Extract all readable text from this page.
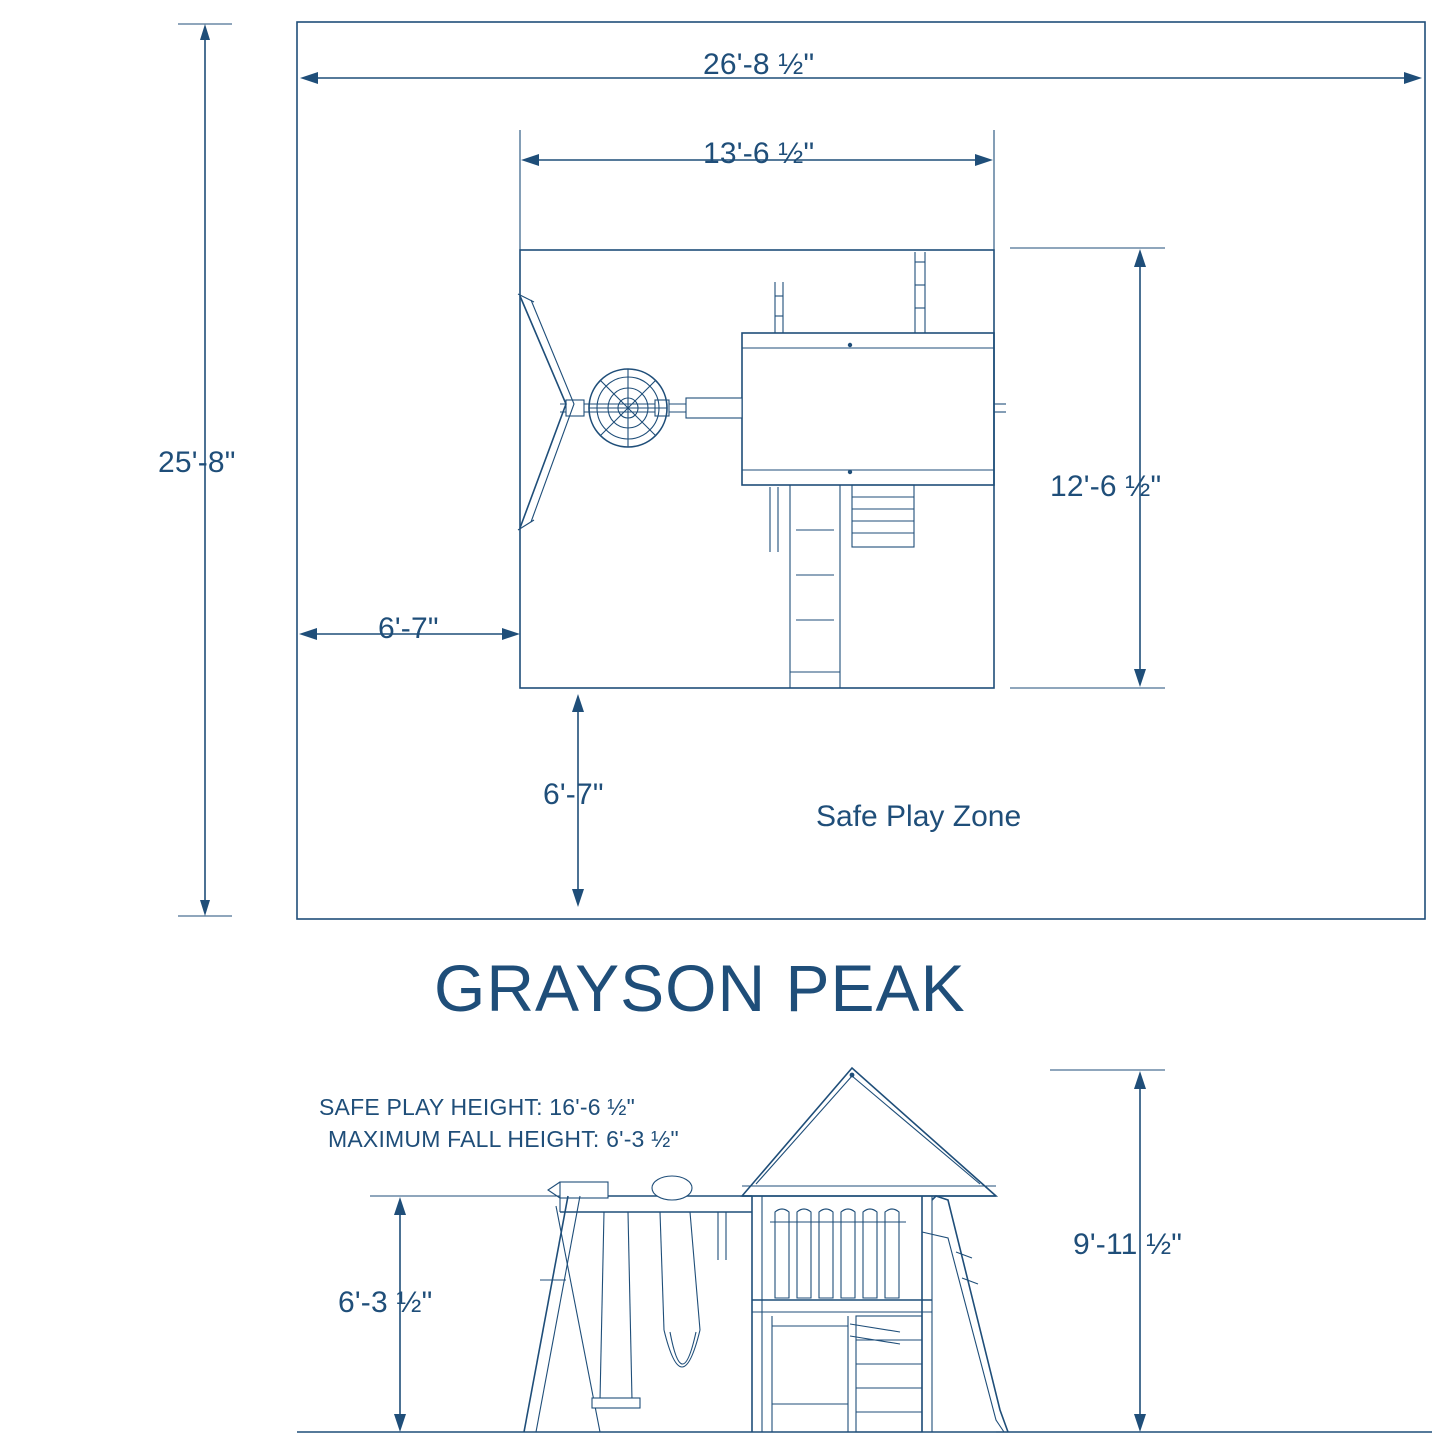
26'-8 ½"
25'-8"
13'-6 ½"
12'-6 ½"
6'-7"
6'-7"
Safe Play Zone
GRAYSON PEAK
SAFE PLAY HEIGHT: 16'-6 ½"
MAXIMUM FALL HEIGHT: 6'-3 ½"
9'-11 ½"
6'-3 ½"
